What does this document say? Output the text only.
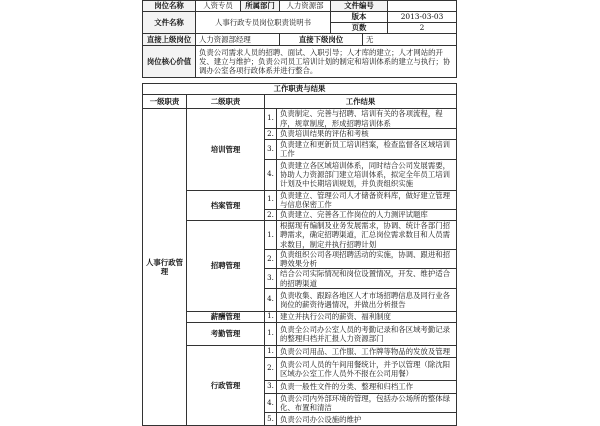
岗位名称	人资专员	所属部门	人力资源部	文件编号		
文件名称	人事行政专员岗位职责说明书			版本		2013-03-03
				页数		2
直接上级岗位	人力资源部经理		直接下级岗位		无	
岗位核心价值	负责公司需求人员的招聘、面试、入职引导；人才库的建立；人才网站的开发、建立与维护；负责公司员工培训计划的制定和培训体系的建立与执行；协调办公室各项行政体系并进行整合。					
工作职责与结果			
一级职责	二级职责	工作结果	
人事行政管理	培训管理	1.	负责制定、完善与招聘、培训有关的各项流程，程序，规章制度，形成招聘培训体系
		2.	负责培训结果的评估和考核
		3.	负责建立和更新员工培训档案，检查监督各区域培训工作
		4.	负责建立各区域培训体系，同时结合公司发展需要，协助人力资源部门建立培训体系，拟定全年员工培训计划及中长期培训规划，并负责组织实施
	档案管理	1.	负责建立、管理公司人才储备资料库，做好建立管理与信息保密工作
		2.	负责建立、完善各工作岗位的人力测评试题库
	招聘管理	1.	根据现有编制及业务发展需求，协调、统计各部门招聘需求，确定招聘渠道，汇总岗位需求数目和人员需求数目，制定并执行招聘计划
		2.	负责组织公司各项招聘活动的实施，协调、跟进和招聘效果分析
		3.	结合公司实际情况和岗位设置情况，开发、维护适合的招聘渠道
		4.	负责收集、跟踪各地区人才市场招聘信息及同行业各岗位的薪资待遇情况，并做出分析报告
	薪酬管理	1.	建立并执行公司的薪资、福利制度
	考勤管理	1.	负责全公司办公室人员的考勤记录和各区域考勤记录的整理归档并汇报人力资源部门
	行政管理	1.	负责公司用品、工作服、工作牌等物品的发放及管理
		2.	负责公司人员的午间用餐统计，并予以管理（除沈阳区域办公室工作人员外不报在公司用餐）
		3.	负责一般性文件的分类、整理和归档工作
		4.	负责公司内外部环境的管理，包括办公场所的整体绿化、布置和清洁
		5.	负责公司办公设施的维护
